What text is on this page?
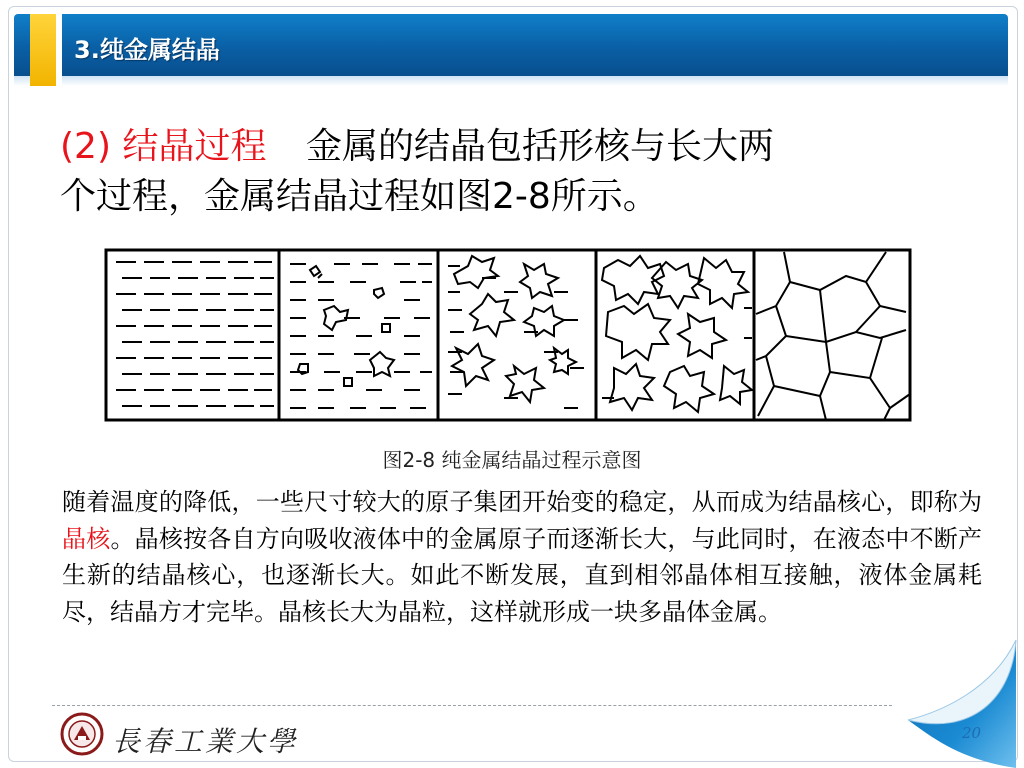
3.纯金属结晶
(2) 结晶过程　  金属的结晶包括形核与长大两
个过程，金属结晶过程如图2-8所示。
图2-8 纯金属结晶过程示意图
随着温度的降低，一些尺寸较大的原子集团开始变的稳定，从而成为结晶核心，即称为晶核。晶核按各自方向吸收液体中的金属原子而逐渐长大，与此同时，在液态中不断产生新的结晶核心，也逐渐长大。如此不断发展，直到相邻晶体相互接触，液体金属耗尽，结晶方才完毕。晶核长大为晶粒，这样就形成一块多晶体金属。
長春工業大學	20
